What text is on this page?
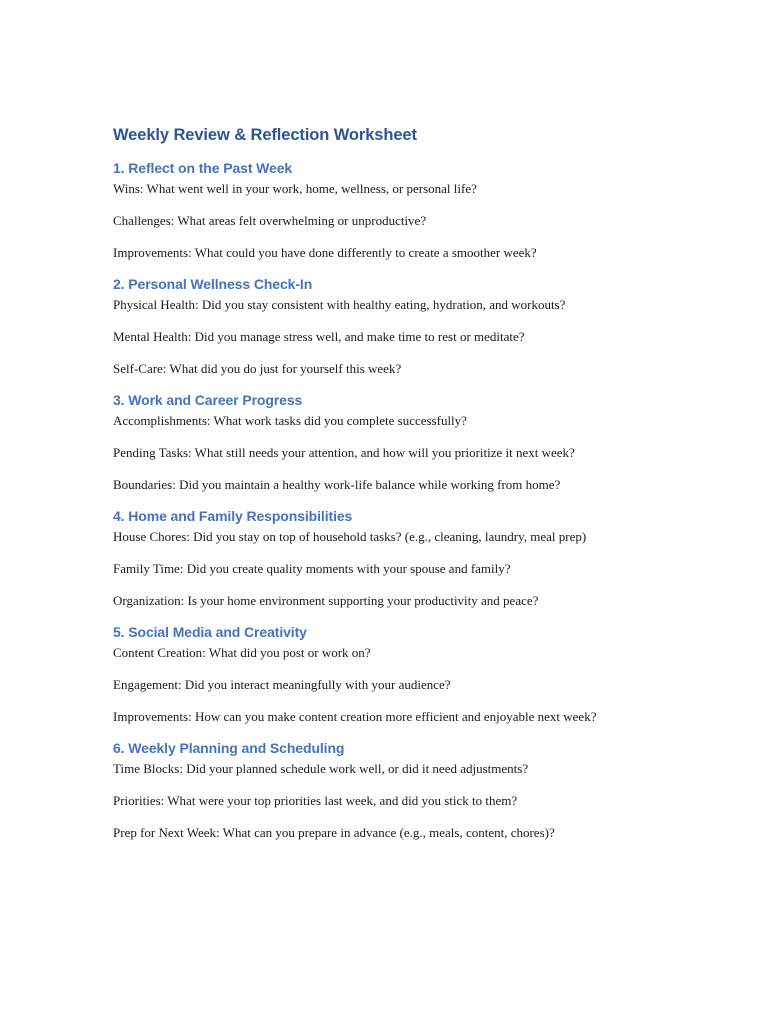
Weekly Review & Reflection Worksheet
1. Reflect on the Past Week

Wins: What went well in your work, home, wellness, or personal life?

Challenges: What areas felt overwhelming or unproductive?

Improvements: What could you have done differently to create a smoother week?

2. Personal Wellness Check-In

Physical Health: Did you stay consistent with healthy eating, hydration, and workouts?

Mental Health: Did you manage stress well, and make time to rest or meditate?

Self-Care: What did you do just for yourself this week?

3. Work and Career Progress

Accomplishments: What work tasks did you complete successfully?

Pending Tasks: What still needs your attention, and how will you prioritize it next week?

Boundaries: Did you maintain a healthy work-life balance while working from home?

4. Home and Family Responsibilities

House Chores: Did you stay on top of household tasks? (e.g., cleaning, laundry, meal prep)

Family Time: Did you create quality moments with your spouse and family?

Organization: Is your home environment supporting your productivity and peace?

5. Social Media and Creativity

Content Creation: What did you post or work on?

Engagement: Did you interact meaningfully with your audience?

Improvements: How can you make content creation more efficient and enjoyable next week?

6. Weekly Planning and Scheduling

Time Blocks: Did your planned schedule work well, or did it need adjustments?

Priorities: What were your top priorities last week, and did you stick to them?

Prep for Next Week: What can you prepare in advance (e.g., meals, content, chores)?
